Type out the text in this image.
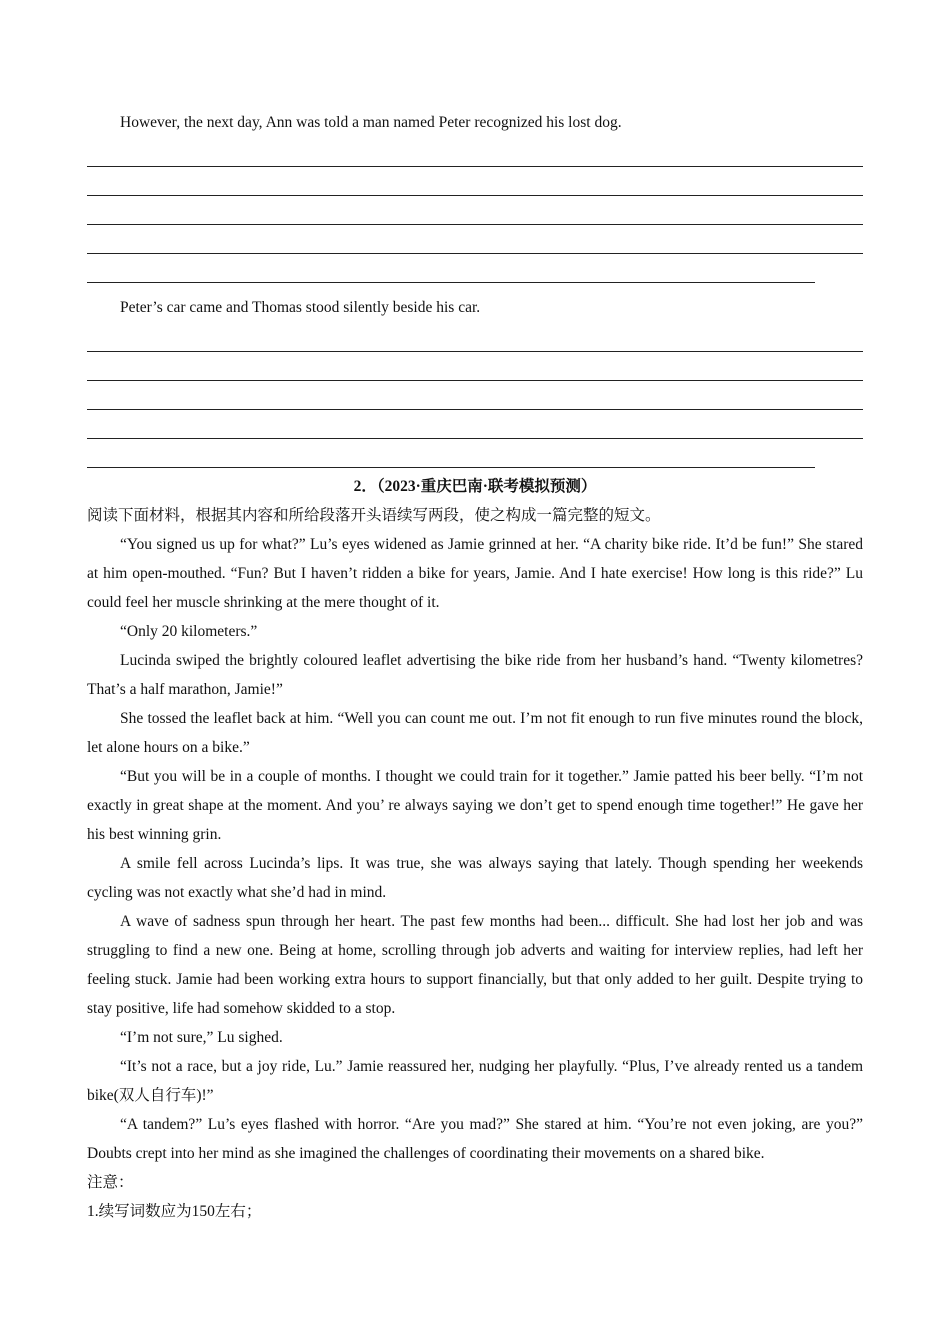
However, the next day, Ann was told a man named Peter recognized his lost dog.

Peter’s car came and Thomas stood silently beside his car.

2．（2023·重庆巴南·联考模拟预测）

阅读下面材料，根据其内容和所给段落开头语续写两段，使之构成一篇完整的短文。

“You signed us up for what?” Lu’s eyes widened as Jamie grinned at her. “A charity bike ride. It’d be fun!” She stared at him open-mouthed. “Fun? But I haven’t ridden a bike for years, Jamie. And I hate exercise! How long is this ride?” Lu could feel her muscle shrinking at the mere thought of it.

“Only 20 kilometers.”

Lucinda swiped the brightly coloured leaflet advertising the bike ride from her husband’s hand. “Twenty kilometres? That’s a half marathon, Jamie!”

She tossed the leaflet back at him. “Well you can count me out. I’m not fit enough to run five minutes round the block, let alone hours on a bike.”

“But you will be in a couple of months. I thought we could train for it together.” Jamie patted his beer belly. “I’m not exactly in great shape at the moment. And you’ re always saying we don’t get to spend enough time together!” He gave her his best winning grin.

A smile fell across Lucinda’s lips. It was true, she was always saying that lately. Though spending her weekends cycling was not exactly what she’d had in mind.

A wave of sadness spun through her heart. The past few months had been... difficult. She had lost her job and was struggling to find a new one. Being at home, scrolling through job adverts and waiting for interview replies, had left her feeling stuck. Jamie had been working extra hours to support financially, but that only added to her guilt. Despite trying to stay positive, life had somehow skidded to a stop.

“I’m not sure,” Lu sighed.

“It’s not a race, but a joy ride, Lu.” Jamie reassured her, nudging her playfully. “Plus, I’ve already rented us a tandem bike(双人自行车)!”

“A tandem?” Lu’s eyes flashed with horror. “Are you mad?” She stared at him. “You’re not even joking, are you?” Doubts crept into her mind as she imagined the challenges of coordinating their movements on a shared bike.

注意：

1.续写词数应为150左右；
